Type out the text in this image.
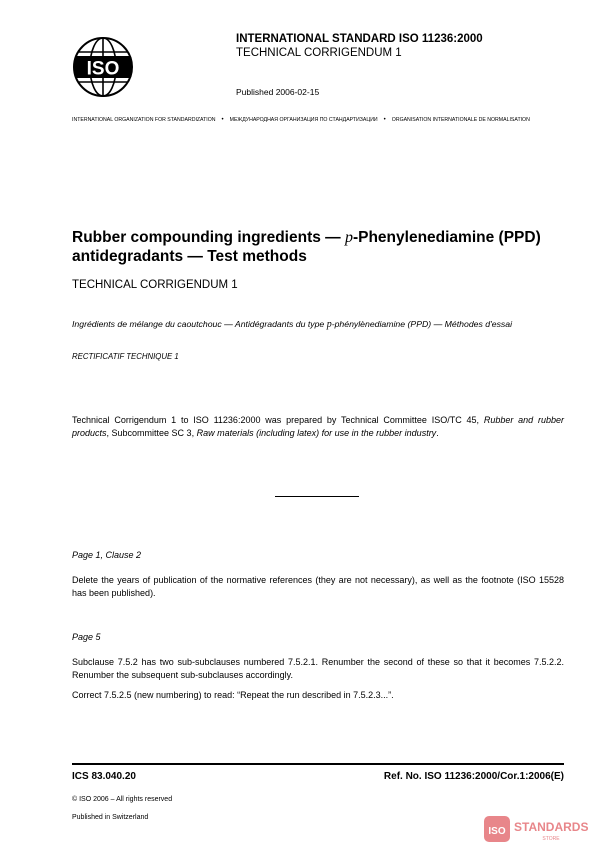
ISO
INTERNATIONAL STANDARD ISO 11236:2000
TECHNICAL CORRIGENDUM 1
Published 2006-02-15
INTERNATIONAL ORGANIZATION FOR STANDARDIZATION • МЕЖДУНАРОДНАЯ ОРГАНИЗАЦИЯ ПО СТАНДАРТИЗАЦИИ • ORGANISATION INTERNATIONALE DE NORMALISATION
Rubber compounding ingredients — p-Phenylenediamine (PPD) antidegradants — Test methods
TECHNICAL CORRIGENDUM 1
Ingrédients de mélange du caoutchouc — Antidégradants du type p-phénylènediamine (PPD) — Méthodes d'essai
RECTIFICATIF TECHNIQUE 1
Technical Corrigendum 1 to ISO 11236:2000 was prepared by Technical Committee ISO/TC 45, Rubber and rubber products, Subcommittee SC 3, Raw materials (including latex) for use in the rubber industry.
Page 1, Clause 2
Delete the years of publication of the normative references (they are not necessary), as well as the footnote (ISO 15528 has been published).
Page 5
Subclause 7.5.2 has two sub-subclauses numbered 7.5.2.1. Renumber the second of these so that it becomes 7.5.2.2. Renumber the subsequent sub-subclauses accordingly.
Correct 7.5.2.5 (new numbering) to read: “Repeat the run described in 7.5.2.3...”.
ICS 83.040.20	Ref. No. ISO 11236:2000/Cor.1:2006(E)
© ISO 2006 – All rights reserved
Published in Switzerland
ISO STANDARDS
STORE
